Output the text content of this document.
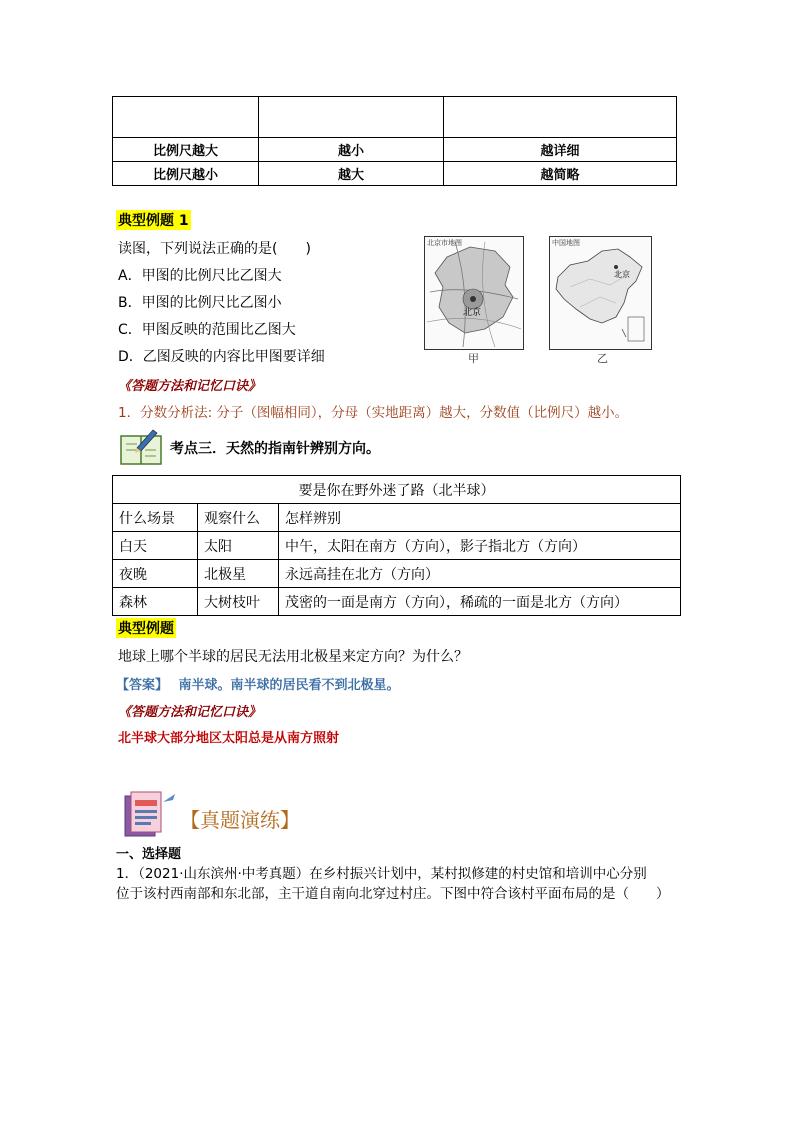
比例尺越大	越小	越详细
比例尺越小	越大	越简略
典型例题 1
读图，下列说法正确的是(　　)
A．甲图的比例尺比乙图大
B．甲图的比例尺比乙图小
C．甲图反映的范围比乙图大
D．乙图反映的内容比甲图要详细
北京市地图
北京
甲
中国地图
北京
乙
《答题方法和记忆口诀》
1．分数分析法: 分子（图幅相同），分母（实地距离）越大，分数值（比例尺）越小。
考点三．天然的指南针辨别方向。
要是你在野外迷了路（北半球）		
什么场景	观察什么	怎样辨别
白天	太阳	中午，太阳在南方（方向），影子指北方（方向）
夜晚	北极星	永远高挂在北方（方向）
森林	大树枝叶	茂密的一面是南方（方向），稀疏的一面是北方（方向）
典型例题
地球上哪个半球的居民无法用北极星来定方向？为什么？
【答案】 南半球。南半球的居民看不到北极星。
《答题方法和记忆口诀》
北半球大部分地区太阳总是从南方照射
【真题演练】
一、选择题
1．（2021·山东滨州·中考真题）在乡村振兴计划中，某村拟修建的村史馆和培训中心分别
位于该村西南部和东北部，主干道自南向北穿过村庄。下图中符合该村平面布局的是（　　）
